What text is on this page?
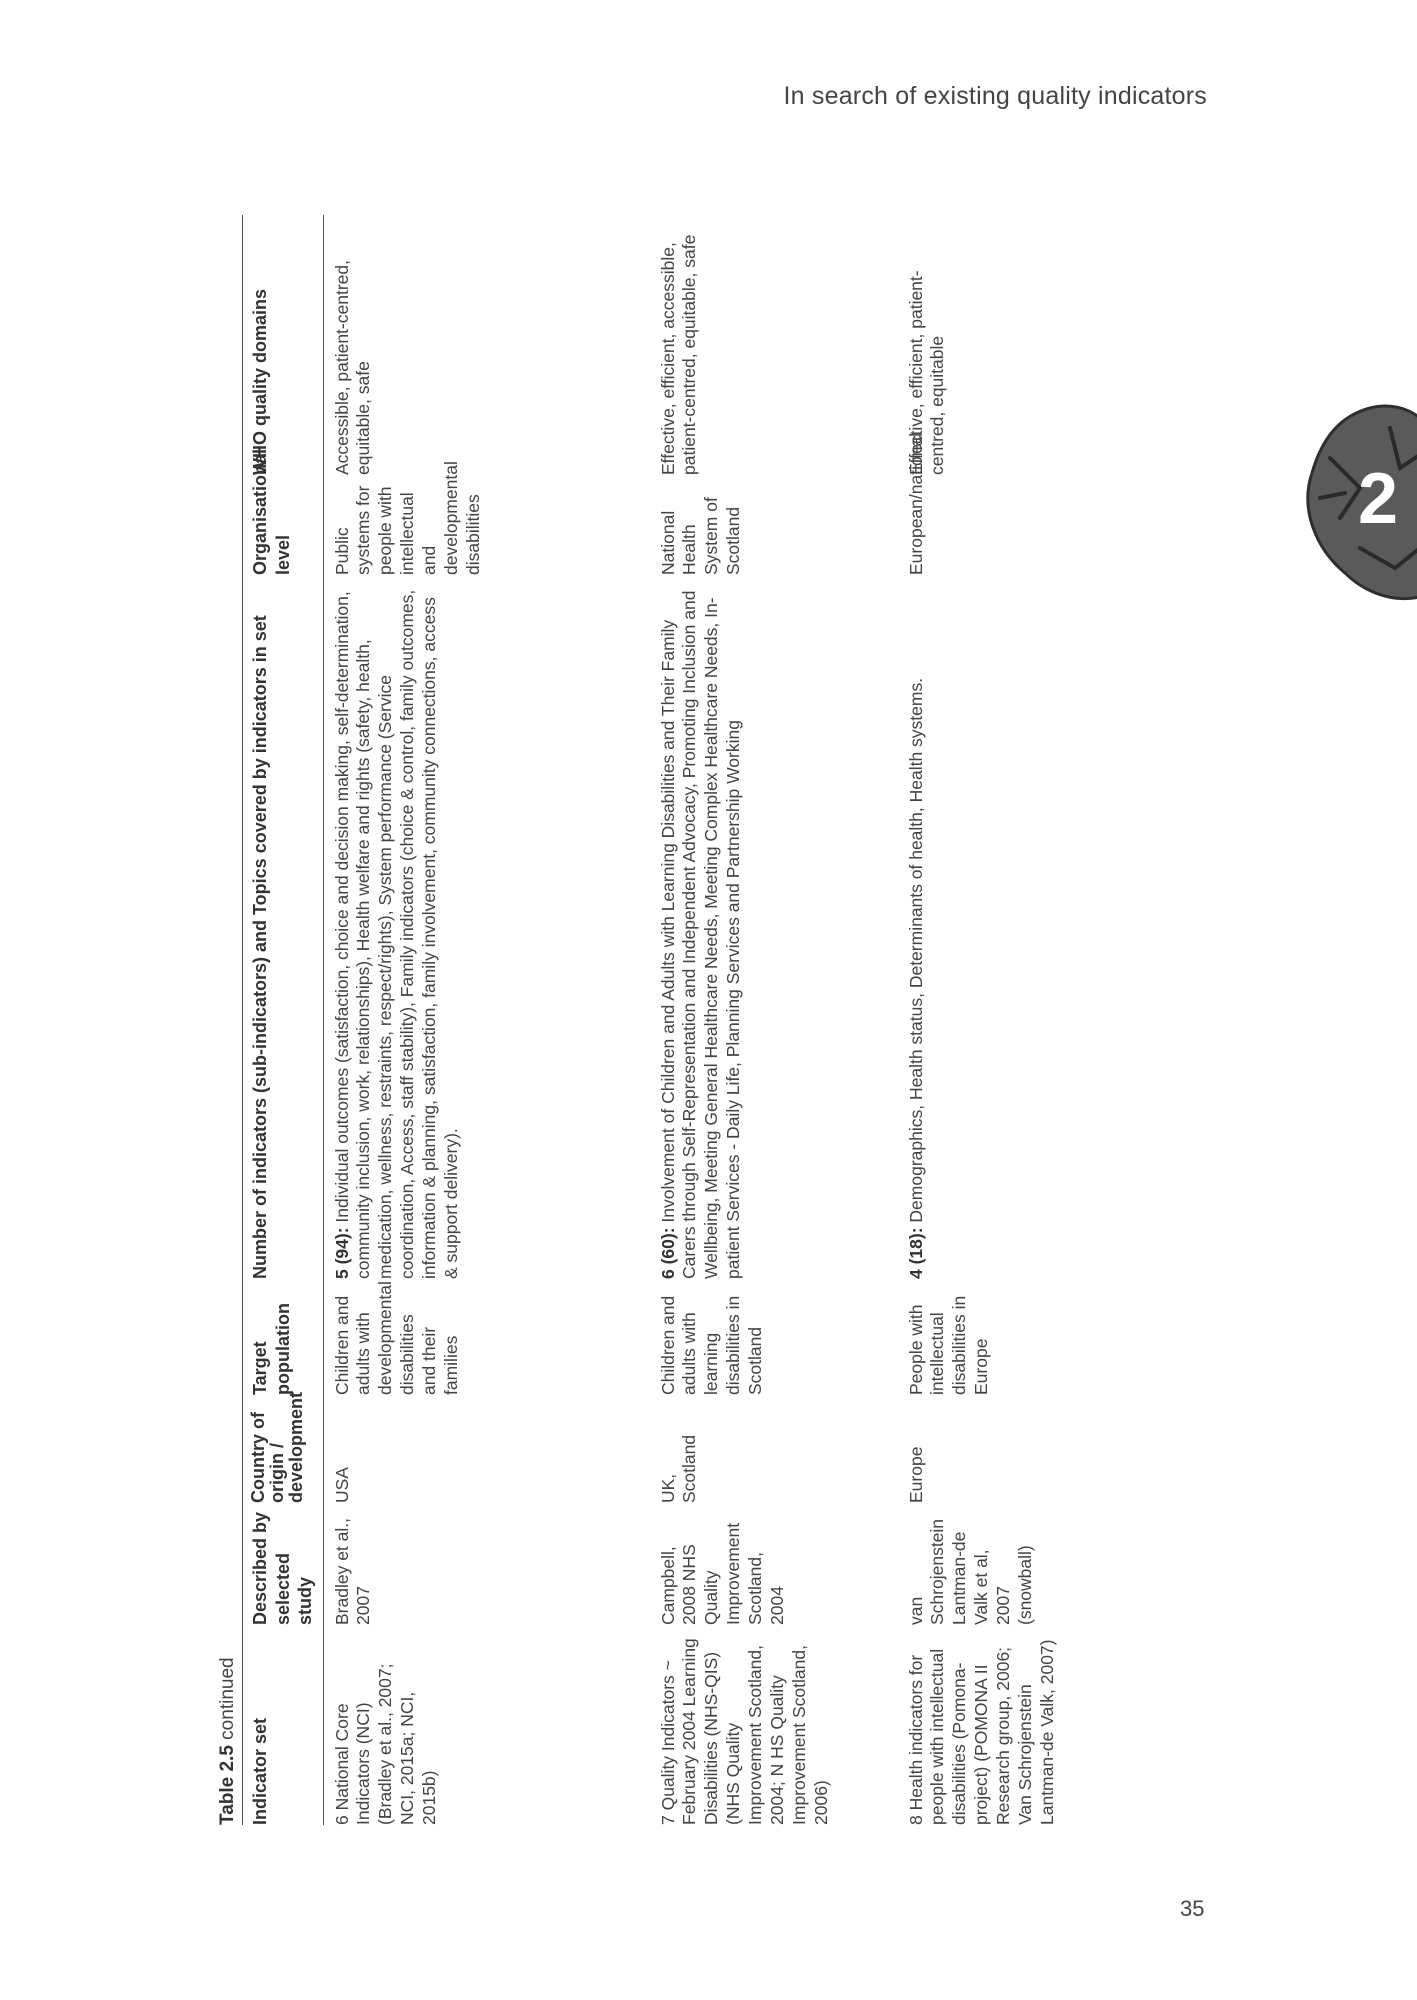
In search of existing quality indicators
2
35
Table 2.5 continued
Indicator set	Described by selected study	Country of origin / development	Target population	Number of indicators (sub-indicators) and Topics covered by indicators in set	Organisational level	WHO quality domains
6 National Core Indicators (NCI) (Bradley et al., 2007; NCI, 2015a; NCI, 2015b)	Bradley et al., 2007	USA	Children and adults with developmental disabilities and their families	5 (94): Individual outcomes (satisfaction, choice and decision making, self-determination, community inclusion, work, relationships), Health welfare and rights (safety, health, medication, wellness, restraints, respect/rights), System performance (Service coordination, Access, staff stability), Family indicators (choice & control, family outcomes, information & planning, satisfaction, family involvement, community connections, access & support delivery).	Public systems for people with intellectual and developmental disabilities	Accessible, patient-centred, equitable, safe
7 Quality Indicators ~ February 2004 Learning Disabilities (NHS-QIS) (NHS Quality Improvement Scotland, 2004; N HS Quality Improvement Scotland, 2006)	Campbell, 2008 NHS Quality Improvement Scotland, 2004	UK, Scotland	Children and adults with learning disabilities in Scotland	6 (60): Involvement of Children and Adults with Learning Disabilities and Their Family Carers through Self-Representation and Independent Advocacy, Promoting Inclusion and Wellbeing, Meeting General Healthcare Needs, Meeting Complex Healthcare Needs, In-patient Services - Daily Life, Planning Services and Partnership Working	National Health System of Scotland	Effective, efficient, accessible, patient-centred, equitable, safe
8 Health indicators for people with intellectual disabilities (Pomona-project) (POMONA II Research group, 2006; Van Schrojenstein Lantman-de Valk, 2007)	van Schrojenstein Lantman-de Valk et al, 2007 (snowball)	Europe	People with intellectual disabilities in Europe	4 (18): Demographics, Health status, Determinants of health, Health systems.	European/national	Effective, efficient, patient-centred, equitable
